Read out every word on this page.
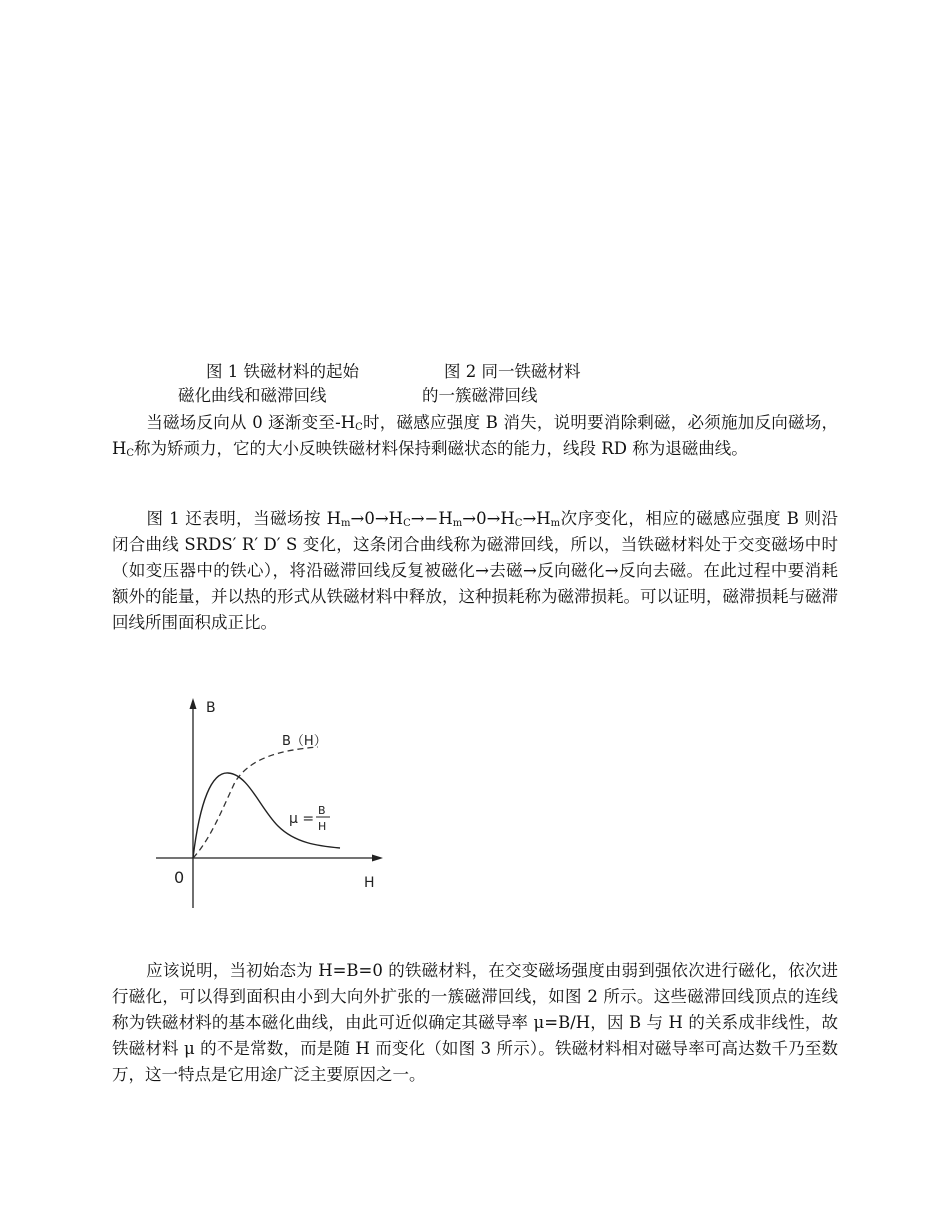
图 1 铁磁材料的起始
磁化曲线和磁滞回线
图 2 同一铁磁材料
的一簇磁滞回线

当磁场反向从 0 逐渐变至$-H_C$时，磁感应强度 B 消失，说明要消除剩磁，必须施加反向磁场，$H_C$称为矫顽力，它的大小反映铁磁材料保持剩磁状态的能力，线段 RD 称为退磁曲线。

图 1 还表明，当磁场按 $H_m\to 0\to H_C\to-H_m\to 0\to H_C\to H_m$次序变化，相应的磁感应强度 B 则沿闭合曲线 SRDS′ R′ D′ S 变化，这条闭合曲线称为磁滞回线，所以，当铁磁材料处于交变磁场中时（如变压器中的铁心），将沿磁滞回线反复被磁化→去磁→反向磁化→反向去磁。在此过程中要消耗额外的能量，并以热的形式从铁磁材料中释放，这种损耗称为磁滞损耗。可以证明，磁滞损耗与磁滞回线所围面积成正比。

B
H
0
B（H）
μ =
B
H

应该说明，当初始态为 H=B=0 的铁磁材料，在交变磁场强度由弱到强依次进行磁化，依次进行磁化，可以得到面积由小到大向外扩张的一簇磁滞回线，如图 2 所示。这些磁滞回线顶点的连线称为铁磁材料的基本磁化曲线，由此可近似确定其磁导率 μ=B/H，因 B 与 H 的关系成非线性，故铁磁材料 μ 的不是常数，而是随 H 而变化（如图 3 所示）。铁磁材料相对磁导率可高达数千乃至数万，这一特点是它用途广泛主要原因之一。
